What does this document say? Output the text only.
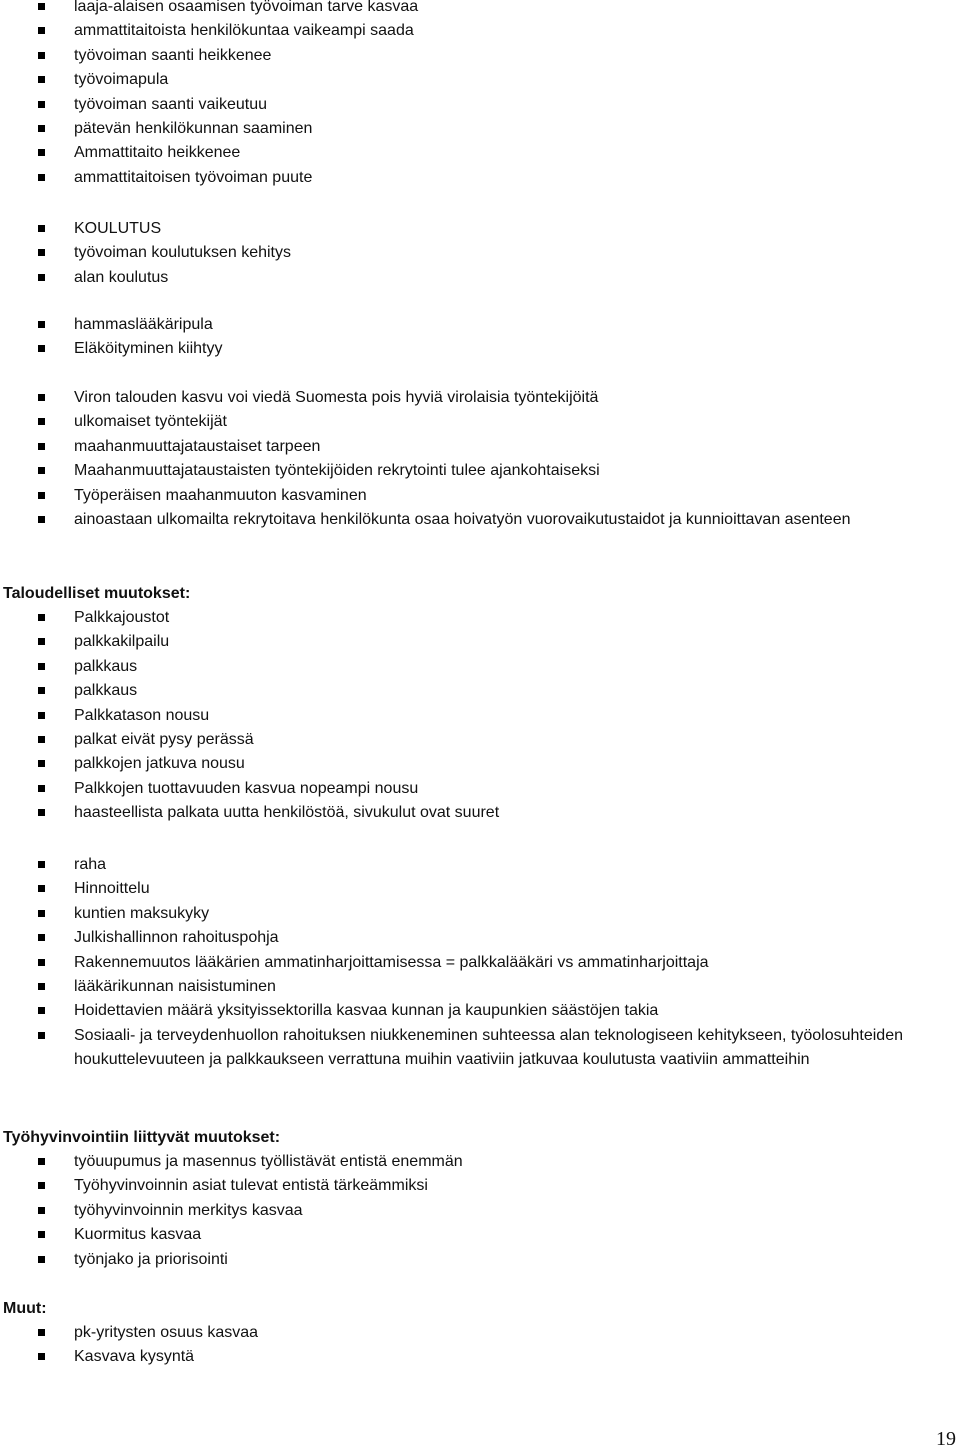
laaja-alaisen osaamisen työvoiman tarve kasvaa
ammattitaitoista henkilökuntaa vaikeampi saada
työvoiman saanti heikkenee
työvoimapula
työvoiman saanti vaikeutuu
pätevän henkilökunnan saaminen
Ammattitaito heikkenee
ammattitaitoisen työvoiman puute
KOULUTUS
työvoiman koulutuksen kehitys
alan koulutus
hammaslääkäripula
Eläköityminen kiihtyy
Viron talouden kasvu voi viedä Suomesta pois hyviä virolaisia työntekijöitä
ulkomaiset työntekijät
maahanmuuttajataustaiset tarpeen
Maahanmuuttajataustaisten työntekijöiden rekrytointi tulee ajankohtaiseksi
Työperäisen maahanmuuton kasvaminen
ainoastaan ulkomailta rekrytoitava henkilökunta osaa hoivatyön vuorovaikutustaidot ja kunnioittavan asenteen
Taloudelliset muutokset:
Palkkajoustot
palkkakilpailu
palkkaus
palkkaus
Palkkatason nousu
palkat eivät pysy perässä
palkkojen jatkuva nousu
Palkkojen tuottavuuden kasvua nopeampi nousu
haasteellista palkata uutta henkilöstöä, sivukulut ovat suuret
raha
Hinnoittelu
kuntien maksukyky
Julkishallinnon rahoituspohja
Rakennemuutos lääkärien ammatinharjoittamisessa = palkkalääkäri vs ammatinharjoittaja
lääkärikunnan naisistuminen
Hoidettavien määrä yksityissektorilla kasvaa kunnan ja kaupunkien säästöjen takia
Sosiaali- ja terveydenhuollon rahoituksen niukkeneminen suhteessa alan teknologiseen kehitykseen, työolosuhteiden houkuttelevuuteen ja palkkaukseen verrattuna muihin vaativiin jatkuvaa koulutusta vaativiin ammatteihin
Työhyvinvointiin liittyvät muutokset:
työuupumus ja masennus työllistävät entistä enemmän
Työhyvinvoinnin asiat tulevat entistä tärkeämmiksi
työhyvinvoinnin merkitys kasvaa
Kuormitus kasvaa
työnjako ja priorisointi
Muut:
pk-yritysten osuus kasvaa
Kasvava kysyntä
19
